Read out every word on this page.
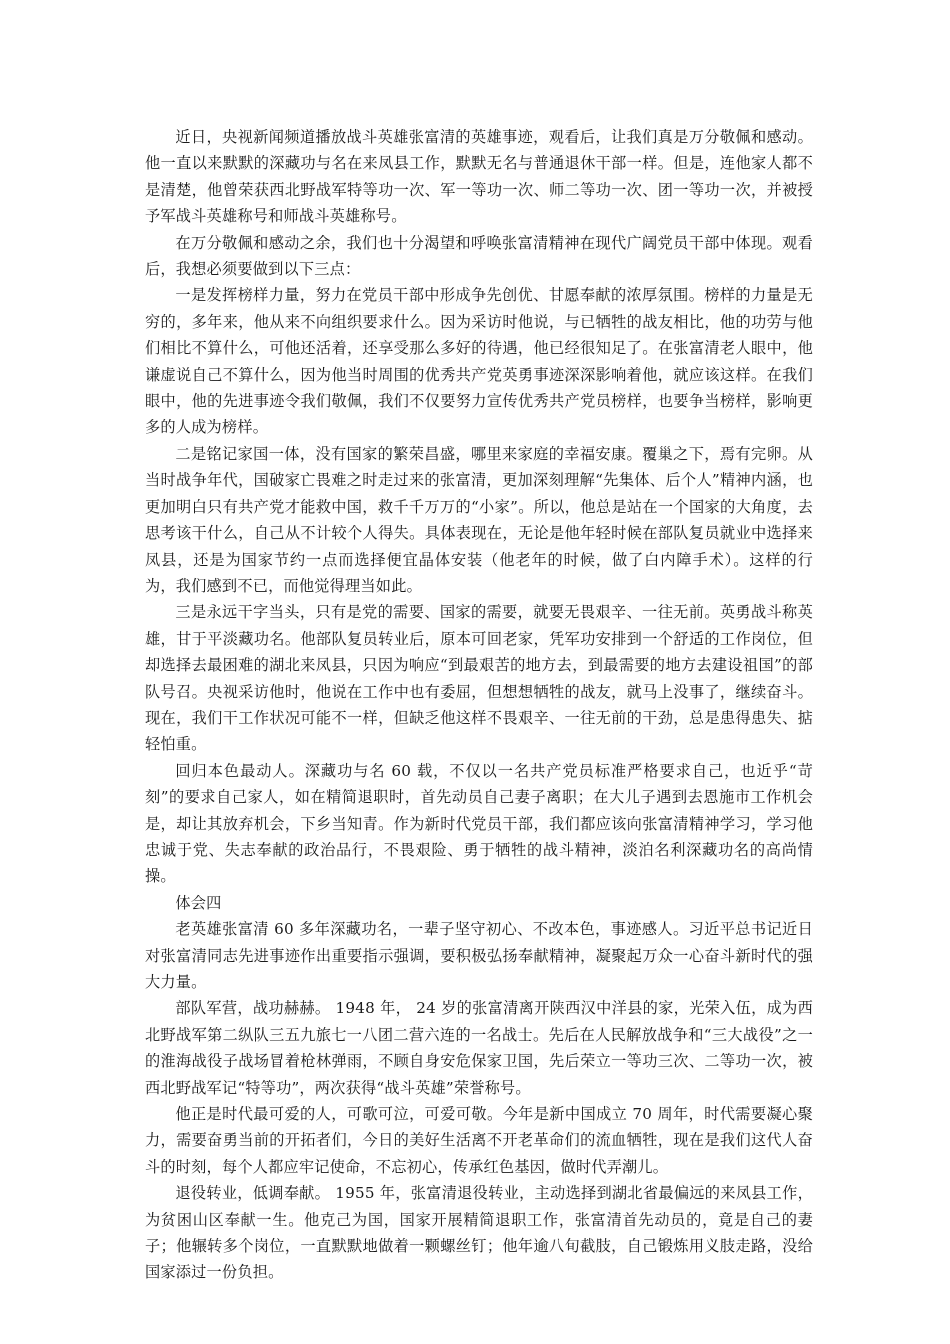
近日，央视新闻频道播放战斗英雄张富清的英雄事迹，观看后，让我们真是万分敬佩和感动。他一直以来默默的深藏功与名在来凤县工作，默默无名与普通退休干部一样。但是，连他家人都不是清楚，他曾荣获西北野战军特等功一次、军一等功一次、师二等功一次、团一等功一次，并被授予军战斗英雄称号和师战斗英雄称号。

在万分敬佩和感动之余，我们也十分渴望和呼唤张富清精神在现代广阔党员干部中体现。观看后，我想必须要做到以下三点：

一是发挥榜样力量，努力在党员干部中形成争先创优、甘愿奉献的浓厚氛围。榜样的力量是无穷的，多年来，他从来不向组织要求什么。因为采访时他说，与已牺牲的战友相比，他的功劳与他们相比不算什么，可他还活着，还享受那么多好的待遇，他已经很知足了。在张富清老人眼中，他谦虚说自己不算什么，因为他当时周围的优秀共产党英勇事迹深深影响着他，就应该这样。在我们眼中，他的先进事迹令我们敬佩，我们不仅要努力宣传优秀共产党员榜样，也要争当榜样，影响更多的人成为榜样。

二是铭记家国一体，没有国家的繁荣昌盛，哪里来家庭的幸福安康。覆巢之下，焉有完卵。从当时战争年代，国破家亡畏难之时走过来的张富清，更加深刻理解“先集体、后个人”精神内涵，也更加明白只有共产党才能救中国，救千千万万的“小家”。所以，他总是站在一个国家的大角度，去思考该干什么，自己从不计较个人得失。具体表现在，无论是他年轻时候在部队复员就业中选择来凤县，还是为国家节约一点而选择便宜晶体安装（他老年的时候，做了白内障手术）。这样的行为，我们感到不已，而他觉得理当如此。

三是永远干字当头，只有是党的需要、国家的需要，就要无畏艰辛、一往无前。英勇战斗称英雄，甘于平淡藏功名。他部队复员转业后，原本可回老家，凭军功安排到一个舒适的工作岗位，但却选择去最困难的湖北来凤县，只因为响应“到最艰苦的地方去，到最需要的地方去建设祖国”的部队号召。央视采访他时，他说在工作中也有委屈，但想想牺牲的战友，就马上没事了，继续奋斗。现在，我们干工作状况可能不一样，但缺乏他这样不畏艰辛、一往无前的干劲，总是患得患失、掂轻怕重。

回归本色最动人。深藏功与名 60 载，不仅以一名共产党员标准严格要求自己，也近乎“苛刻”的要求自己家人，如在精简退职时，首先动员自己妻子离职；在大儿子遇到去恩施市工作机会是，却让其放弃机会，下乡当知青。作为新时代党员干部，我们都应该向张富清精神学习，学习他忠诚于党、失志奉献的政治品行，不畏艰险、勇于牺牲的战斗精神，淡泊名利深藏功名的高尚情操。

体会四

老英雄张富清 60 多年深藏功名，一辈子坚守初心、不改本色，事迹感人。习近平总书记近日对张富清同志先进事迹作出重要指示强调，要积极弘扬奉献精神，凝聚起万众一心奋斗新时代的强大力量。

部队军营，战功赫赫。 1948 年， 24 岁的张富清离开陕西汉中洋县的家，光荣入伍，成为西北野战军第二纵队三五九旅七一八团二营六连的一名战士。先后在人民解放战争和“三大战役”之一的淮海战役子战场冒着枪林弹雨，不顾自身安危保家卫国，先后荣立一等功三次、二等功一次，被西北野战军记“特等功”，两次获得“战斗英雄”荣誉称号。

他正是时代最可爱的人，可歌可泣，可爱可敬。今年是新中国成立 70 周年，时代需要凝心聚力，需要奋勇当前的开拓者们，今日的美好生活离不开老革命们的流血牺牲，现在是我们这代人奋斗的时刻，每个人都应牢记使命，不忘初心，传承红色基因，做时代弄潮儿。

退役转业，低调奉献。 1955 年，张富清退役转业，主动选择到湖北省最偏远的来凤县工作，为贫困山区奉献一生。他克己为国，国家开展精简退职工作，张富清首先动员的，竟是自己的妻子；他辗转多个岗位，一直默默地做着一颗螺丝钉；他年逾八旬截肢，自己锻炼用义肢走路，没给国家添过一份负担。
